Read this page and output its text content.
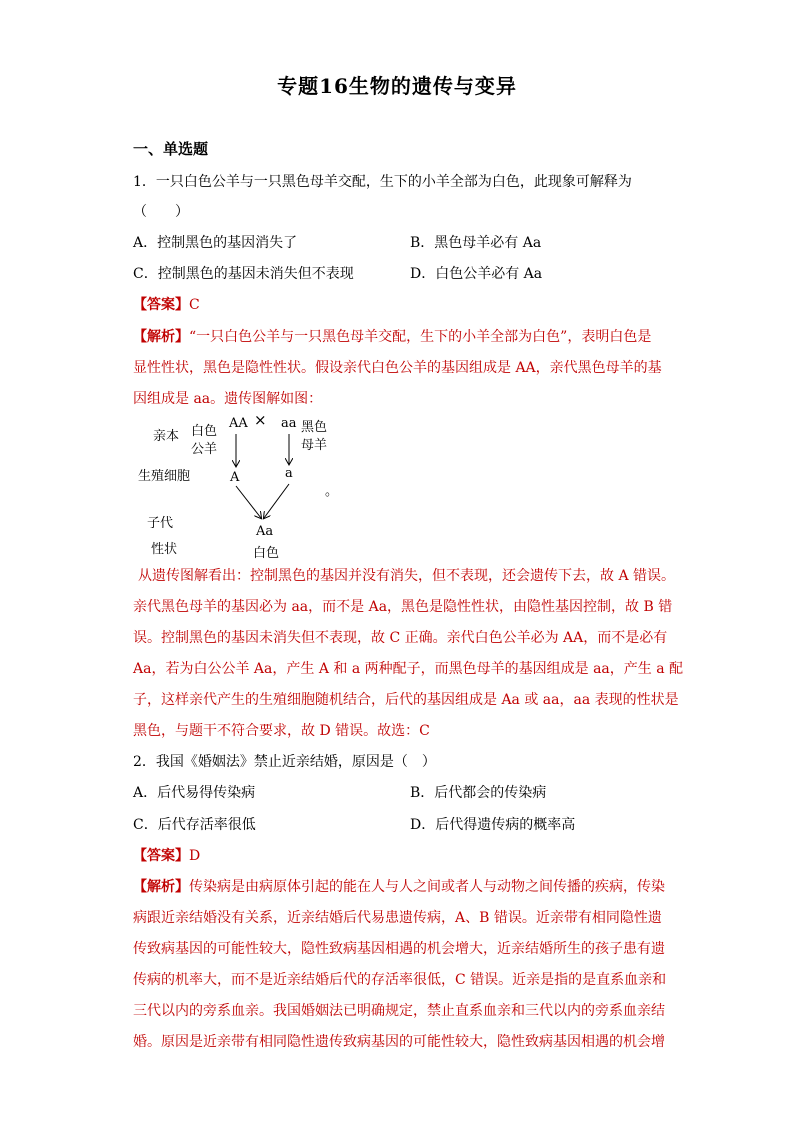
专题16生物的遗传与变异
一、单选题
1．一只白色公羊与一只黑色母羊交配，生下的小羊全部为白色，此现象可解释为
（　　）
A．控制黑色的基因消失了	B．黑色母羊必有 Aa
C．控制黑色的基因未消失但不表现	D．白色公羊必有 Aa
【答案】C
【解析】“一只白色公羊与一只黑色母羊交配，生下的小羊全部为白色”，表明白色是
显性性状，黑色是隐性性状。假设亲代白色公羊的基因组成是 AA，亲代黑色母羊的基
因组成是 aa。遗传图解如图：
亲本 白色
公羊
AA × aa 黑色
母羊
生殖细胞	A	a
。
子代
性状
Aa
白色
从遗传图解看出：控制黑色的基因并没有消失，但不表现，还会遗传下去，故 A 错误。
亲代黑色母羊的基因必为 aa，而不是 Aa，黑色是隐性性状，由隐性基因控制，故 B 错
误。控制黑色的基因未消失但不表现，故 C 正确。亲代白色公羊必为 AA，而不是必有
Aa，若为白公公羊 Aa，产生 A 和 a 两种配子，而黑色母羊的基因组成是 aa，产生 a 配
子，这样亲代产生的生殖细胞随机结合，后代的基因组成是 Aa 或 aa，aa 表现的性状是
黑色，与题干不符合要求，故 D 错误。故选：C
2．我国《婚姻法》禁止近亲结婚，原因是（　）
A．后代易得传染病	B．后代都会的传染病
C．后代存活率很低	D．后代得遗传病的概率高
【答案】D
【解析】传染病是由病原体引起的能在人与人之间或者人与动物之间传播的疾病，传染
病跟近亲结婚没有关系，近亲结婚后代易患遗传病，A、B 错误。近亲带有相同隐性遗
传致病基因的可能性较大，隐性致病基因相遇的机会增大，近亲结婚所生的孩子患有遗
传病的机率大，而不是近亲结婚后代的存活率很低，C 错误。近亲是指的是直系血亲和
三代以内的旁系血亲。我国婚姻法已明确规定，禁止直系血亲和三代以内的旁系血亲结
婚。原因是近亲带有相同隐性遗传致病基因的可能性较大，隐性致病基因相遇的机会增
